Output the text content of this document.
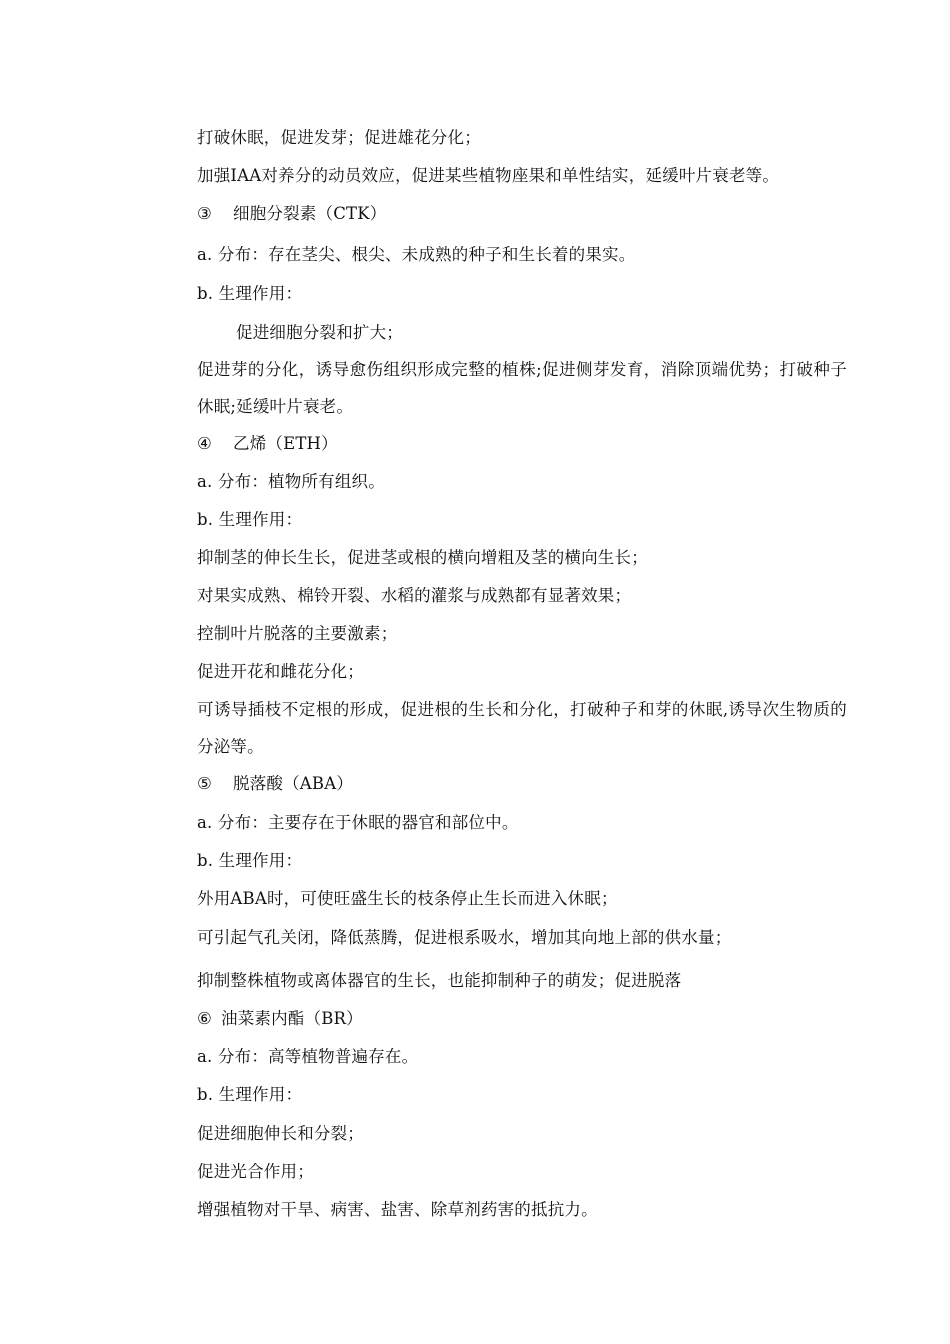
打破休眠，促进发芽；促进雄花分化；
加强IAA对养分的动员效应，促进某些植物座果和单性结实，延缓叶片衰老等。
③ 细胞分裂素（CTK）
a. 分布：存在茎尖、根尖、未成熟的种子和生长着的果实。
b. 生理作用：
促进细胞分裂和扩大；
促进芽的分化，诱导愈伤组织形成完整的植株;促进侧芽发育，消除顶端优势；打破种子休眠;延缓叶片衰老。
④ 乙烯（ETH）
a. 分布：植物所有组织。
b. 生理作用：
抑制茎的伸长生长，促进茎或根的横向增粗及茎的横向生长；
对果实成熟、棉铃开裂、水稻的灌浆与成熟都有显著效果；
控制叶片脱落的主要激素；
促进开花和雌花分化；
可诱导插枝不定根的形成，促进根的生长和分化，打破种子和芽的休眠,诱导次生物质的分泌等。
⑤ 脱落酸（ABA）
a. 分布：主要存在于休眠的器官和部位中。
b. 生理作用：
外用ABA时，可使旺盛生长的枝条停止生长而进入休眠；
可引起气孔关闭，降低蒸腾，促进根系吸水，增加其向地上部的供水量；
抑制整株植物或离体器官的生长，也能抑制种子的萌发；促进脱落
⑥ 油菜素内酯（BR）
a. 分布：高等植物普遍存在。
b. 生理作用：
促进细胞伸长和分裂；
促进光合作用；
增强植物对干旱、病害、盐害、除草剂药害的抵抗力。
